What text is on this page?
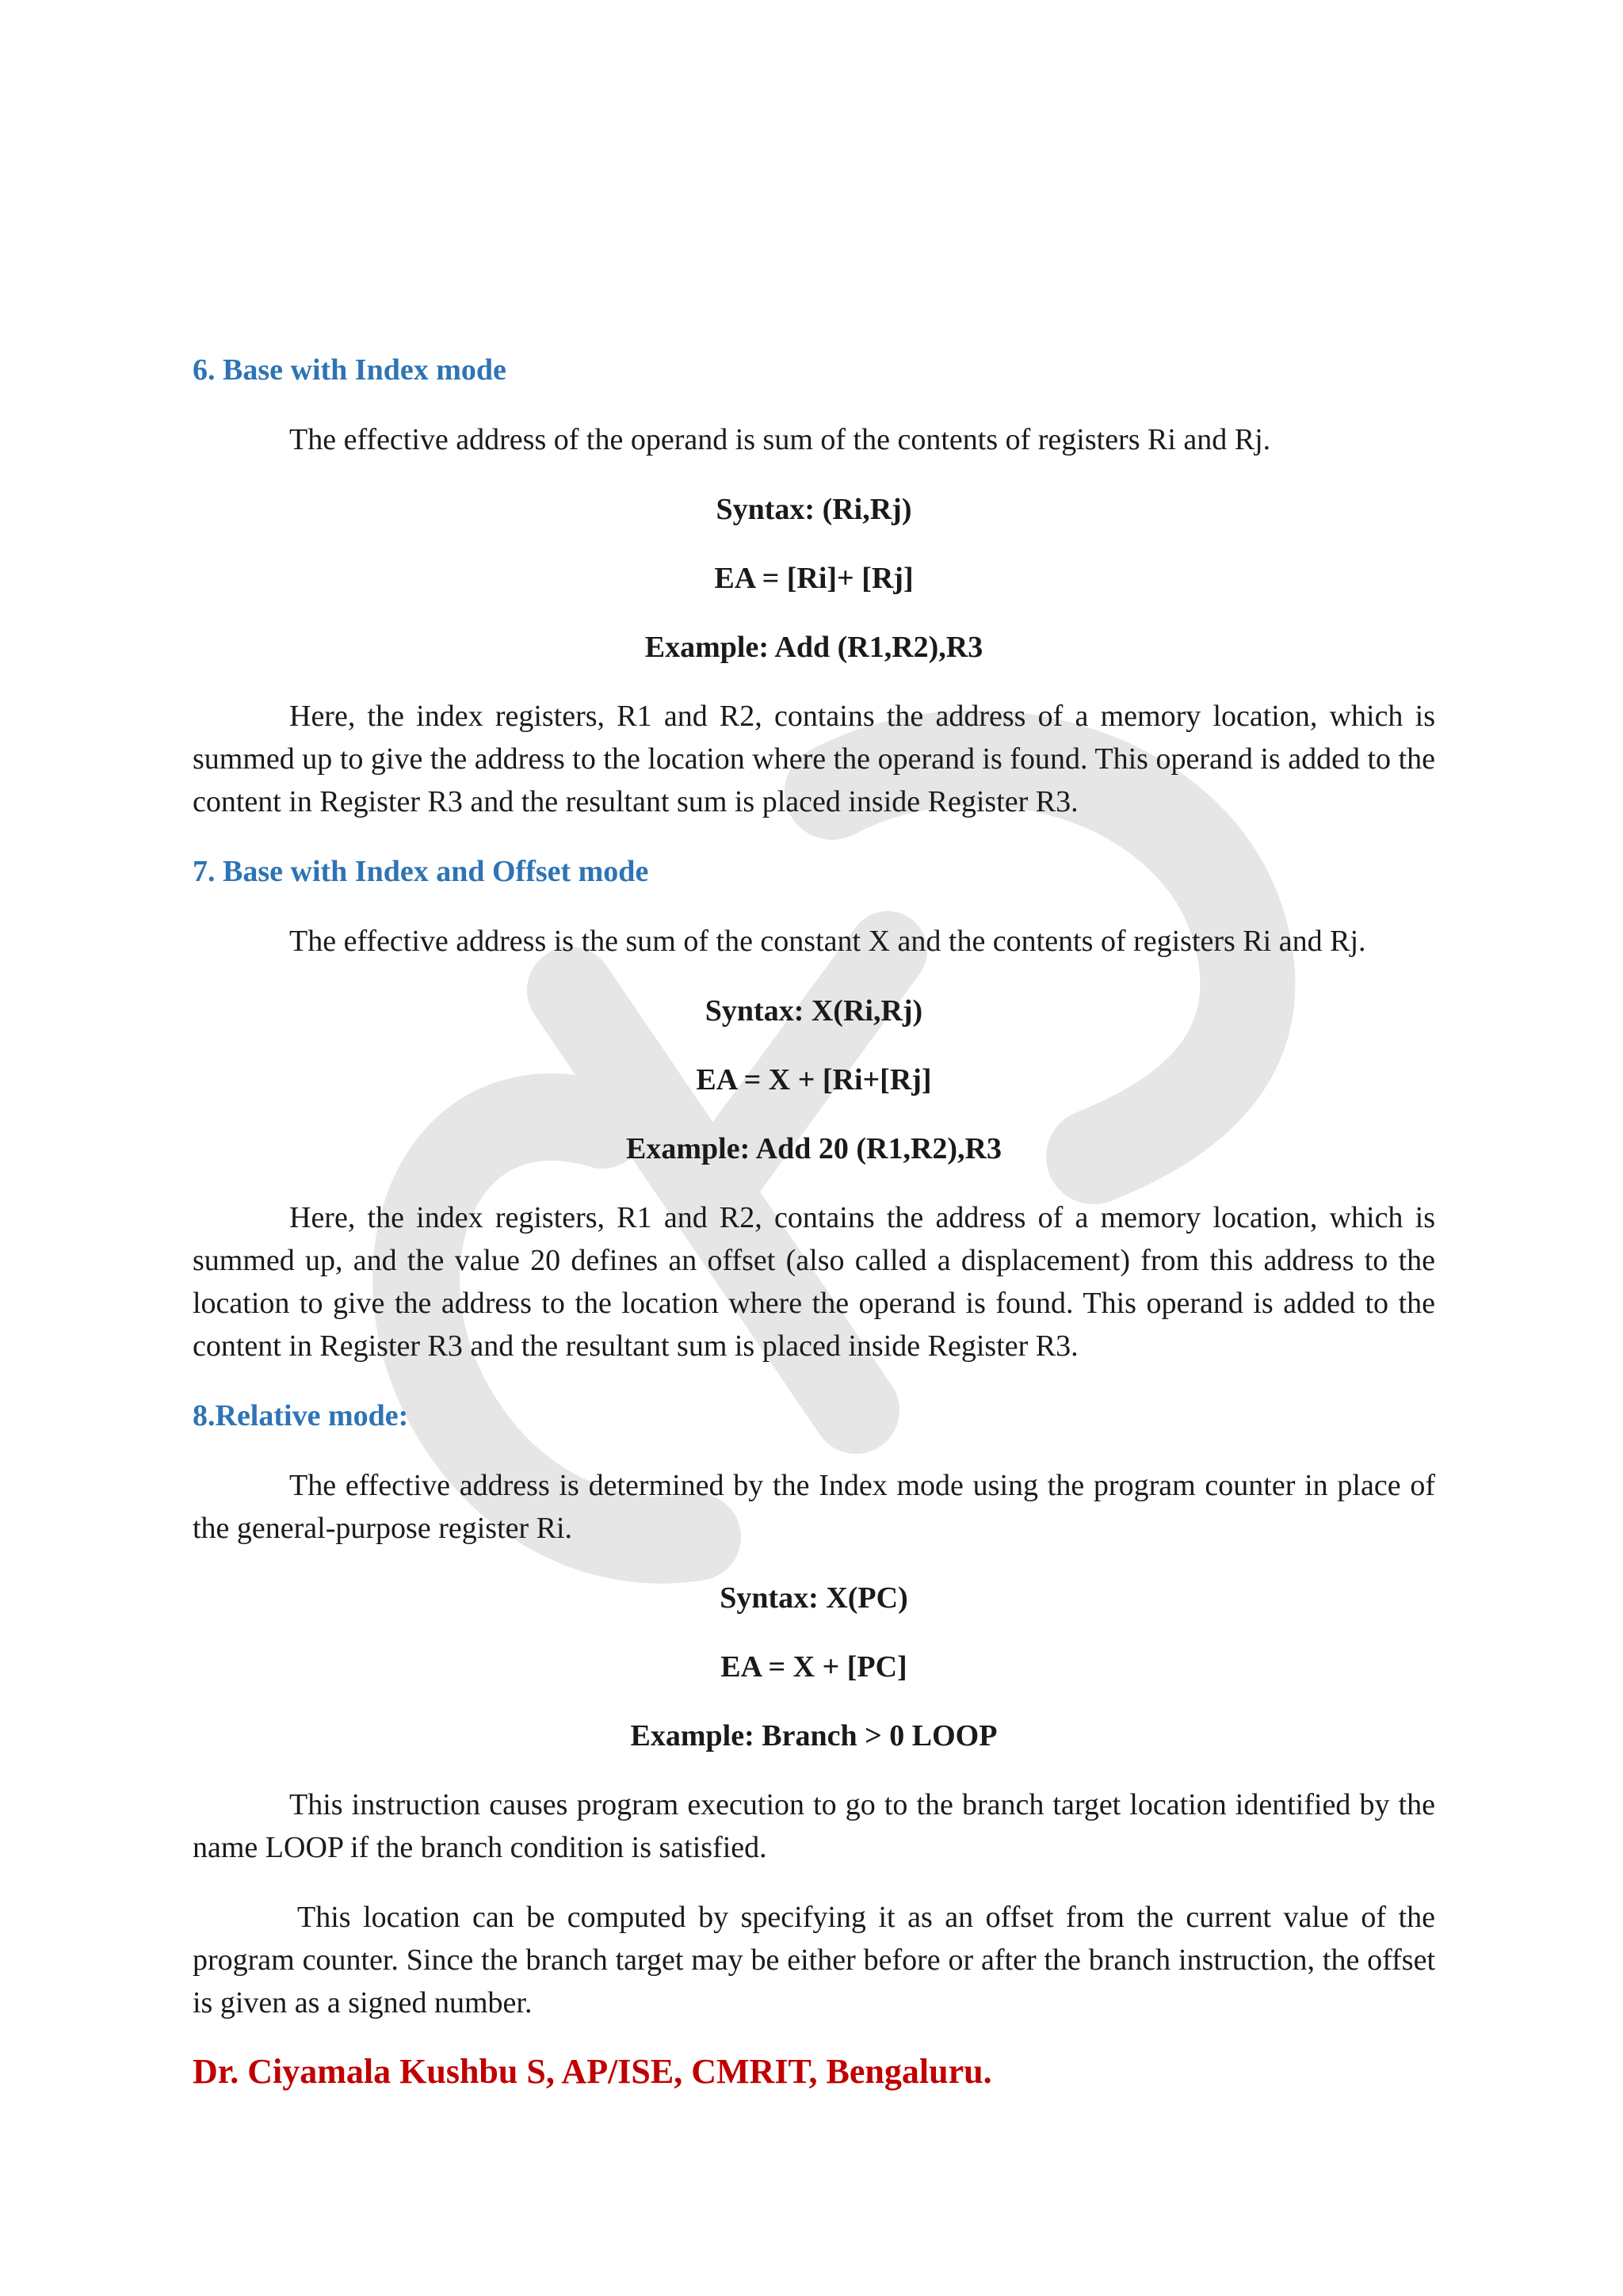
6. Base with Index mode

The effective address of the operand is sum of the contents of registers Ri and Rj.

Syntax: (Ri,Rj)
EA = [Ri]+ [Rj]
Example: Add (R1,R2),R3

Here, the index registers, R1 and R2, contains the address of a memory location, which is summed up to give the address to the location where the operand is found. This operand is added to the content in Register R3 and the resultant sum is placed inside Register R3.

7. Base with Index and Offset mode

The effective address is the sum of the constant X and the contents of registers Ri and Rj.

Syntax: X(Ri,Rj)
EA = X + [Ri+[Rj]
Example: Add 20 (R1,R2),R3

Here, the index registers, R1 and R2, contains the address of a memory location, which is summed up, and the value 20 defines an offset (also called a displacement) from this address to the location to give the address to the location where the operand is found. This operand is added to the content in Register R3 and the resultant sum is placed inside Register R3.

8.Relative mode:

The effective address is determined by the Index mode using the program counter in place of the general-purpose register Ri.

Syntax: X(PC)
EA = X + [PC]
Example: Branch > 0 LOOP

This instruction causes program execution to go to the branch target location identified by the name LOOP if the branch condition is satisfied.

This location can be computed by specifying it as an offset from the current value of the program counter. Since the branch target may be either before or after the branch instruction, the offset is given as a signed number.

Dr. Ciyamala Kushbu S, AP/ISE, CMRIT, Bengaluru.
